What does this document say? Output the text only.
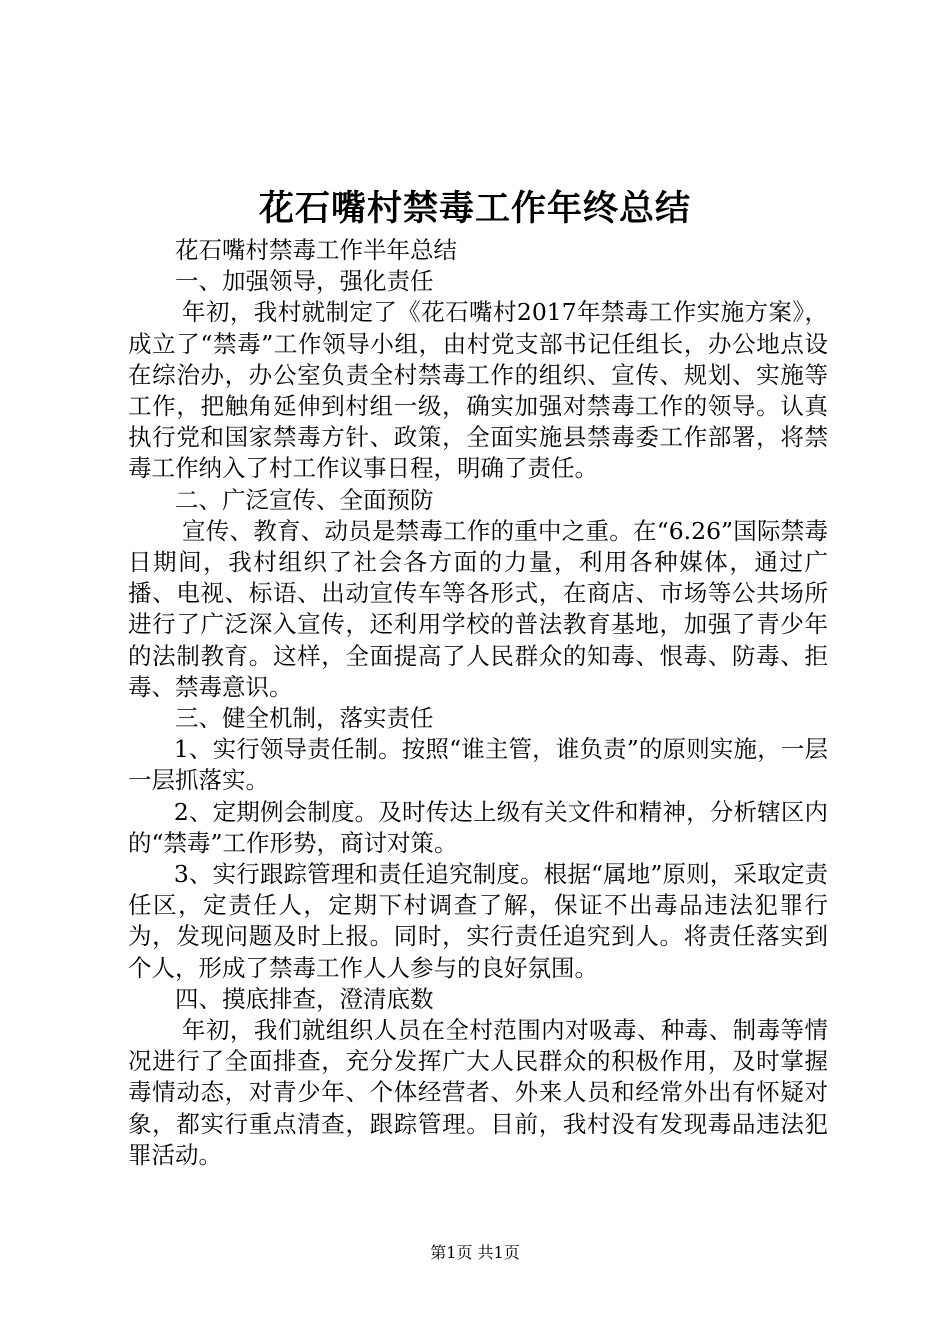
花石嘴村禁毒工作年终总结

花石嘴村禁毒工作半年总结

一、加强领导，强化责任

年初，我村就制定了《花石嘴村2017年禁毒工作实施方案》，成立了“禁毒”工作领导小组，由村党支部书记任组长，办公地点设在综治办，办公室负责全村禁毒工作的组织、宣传、规划、实施等工作，把触角延伸到村组一级，确实加强对禁毒工作的领导。认真执行党和国家禁毒方针、政策，全面实施县禁毒委工作部署，将禁毒工作纳入了村工作议事日程，明确了责任。

二、广泛宣传、全面预防

宣传、教育、动员是禁毒工作的重中之重。在“6.26”国际禁毒日期间，我村组织了社会各方面的力量，利用各种媒体，通过广播、电视、标语、出动宣传车等各形式，在商店、市场等公共场所进行了广泛深入宣传，还利用学校的普法教育基地，加强了青少年的法制教育。这样，全面提高了人民群众的知毒、恨毒、防毒、拒毒、禁毒意识。

三、健全机制，落实责任

1、实行领导责任制。按照“谁主管，谁负责”的原则实施，一层一层抓落实。

2、定期例会制度。及时传达上级有关文件和精神，分析辖区内的“禁毒”工作形势，商讨对策。

3、实行跟踪管理和责任追究制度。根据“属地”原则，采取定责任区，定责任人，定期下村调查了解，保证不出毒品违法犯罪行为，发现问题及时上报。同时，实行责任追究到人。将责任落实到个人，形成了禁毒工作人人参与的良好氛围。

四、摸底排查，澄清底数

年初，我们就组织人员在全村范围内对吸毒、种毒、制毒等情况进行了全面排查，充分发挥广大人民群众的积极作用，及时掌握毒情动态，对青少年、个体经营者、外来人员和经常外出有怀疑对象，都实行重点清查，跟踪管理。目前，我村没有发现毒品违法犯罪活动。

第1页 共1页
